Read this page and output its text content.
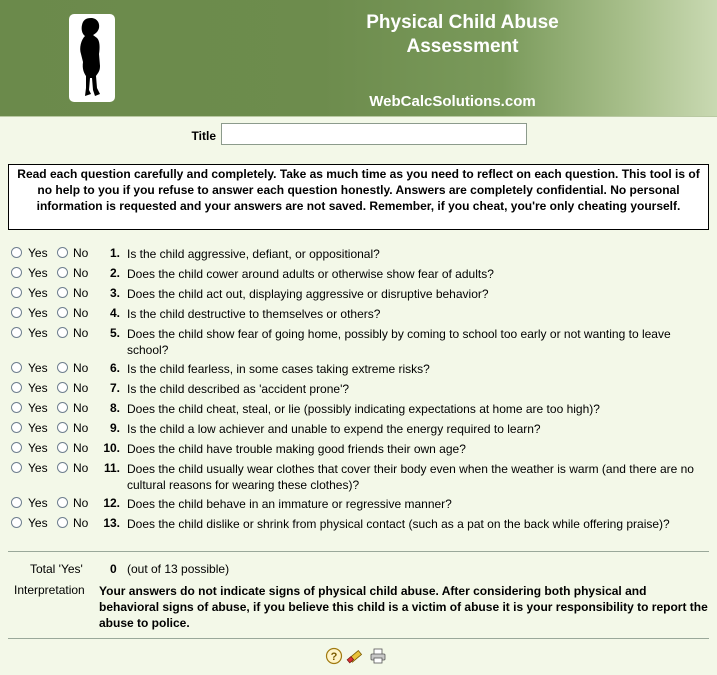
Physical Child Abuse Assessment
WebCalcSolutions.com
Title
Read each question carefully and completely. Take as much time as you need to reflect on each question. This tool is of no help to you if you refuse to answer each question honestly. Answers are completely confidential. No personal information is requested and your answers are not saved. Remember, if you cheat, you're only cheating yourself.
Yes No	1. Is the child aggressive, defiant, or oppositional?
Yes No	2. Does the child cower around adults or otherwise show fear of adults?
Yes No	3. Does the child act out, displaying aggressive or disruptive behavior?
Yes No	4. Is the child destructive to themselves or others?
Yes No	5. Does the child show fear of going home, possibly by coming to school too early or not wanting to leave school?
Yes No	6. Is the child fearless, in some cases taking extreme risks?
Yes No	7. Is the child described as 'accident prone'?
Yes No	8. Does the child cheat, steal, or lie (possibly indicating expectations at home are too high)?
Yes No	9. Is the child a low achiever and unable to expend the energy required to learn?
Yes No	10. Does the child have trouble making good friends their own age?
Yes No	11. Does the child usually wear clothes that cover their body even when the weather is warm (and there are no cultural reasons for wearing these clothes)?
Yes No	12. Does the child behave in an immature or regressive manner?
Yes No	13. Does the child dislike or shrink from physical contact (such as a pat on the back while offering praise)?
Total 'Yes' 0 (out of 13 possible)
Interpretation Your answers do not indicate signs of physical child abuse. After considering both physical and behavioral signs of abuse, if you believe this child is a victim of abuse it is your responsibility to report the abuse to police.
?
